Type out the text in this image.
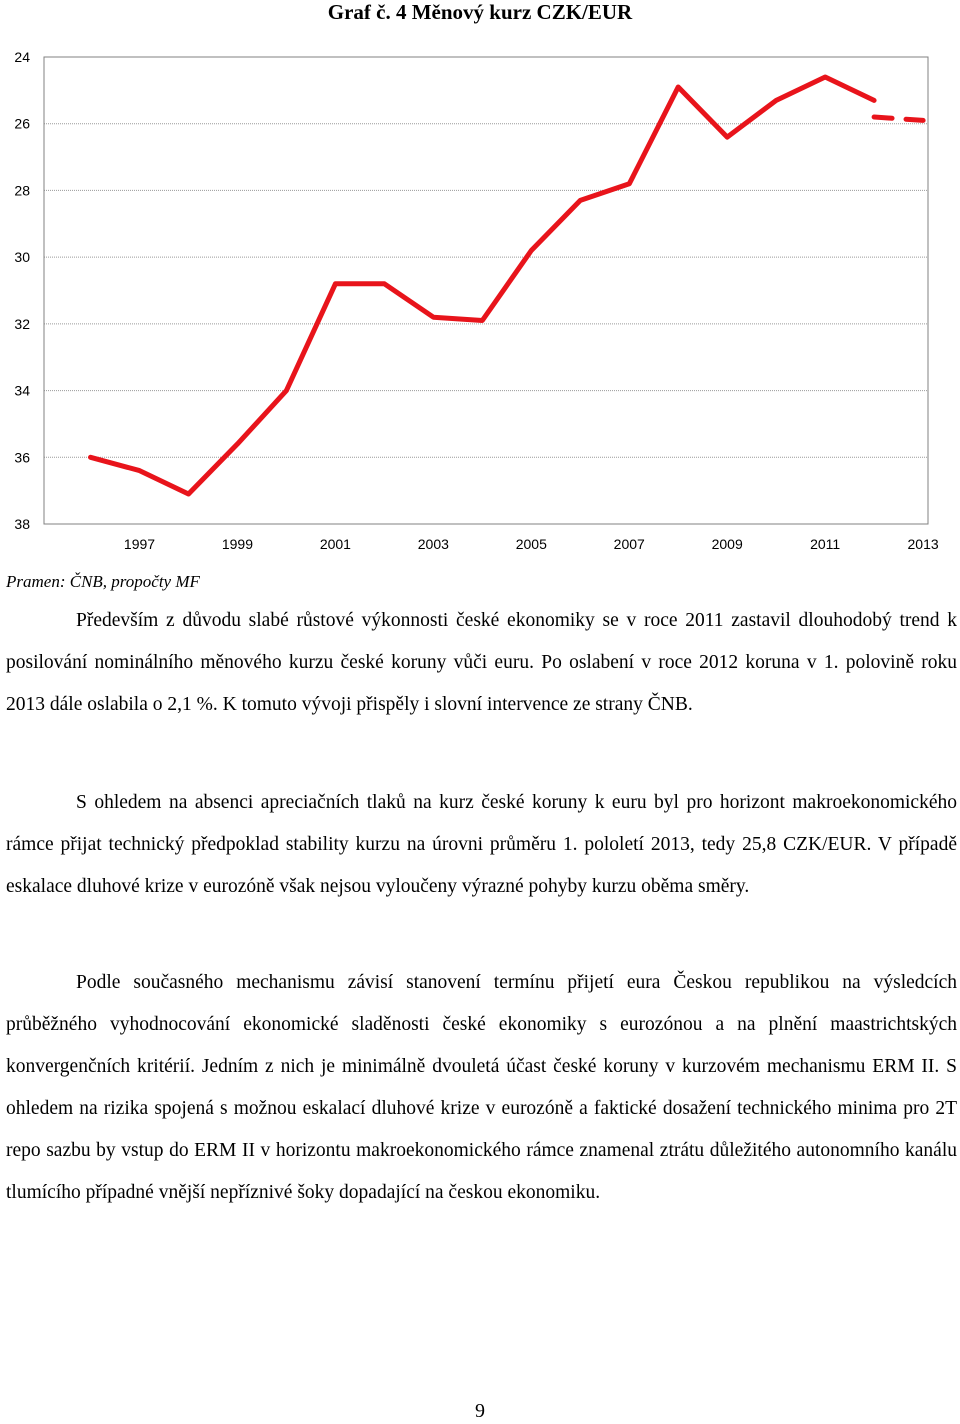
Graf č. 4 Měnový kurz CZK/EUR
24
26
28
30
32
34
36
38
1997	1999	2001	2003	2005	2007	2009	2011	2013
Pramen: ČNB, propočty MF

Především z důvodu slabé růstové výkonnosti české ekonomiky se v roce 2011 zastavil dlouhodobý trend k posilování nominálního měnového kurzu české koruny vůči euru. Po oslabení v roce 2012 koruna v 1. polovině roku 2013 dále oslabila o 2,1 %. K tomuto vývoji přispěly i slovní intervence ze strany ČNB.

S ohledem na absenci apreciačních tlaků na kurz české koruny k euru byl pro horizont makroekonomického rámce přijat technický předpoklad stability kurzu na úrovni průměru 1. pololetí 2013, tedy 25,8 CZK/EUR. V případě eskalace dluhové krize v eurozóně však nejsou vyloučeny výrazné pohyby kurzu oběma směry.

Podle současného mechanismu závisí stanovení termínu přijetí eura Českou republikou na výsledcích průběžného vyhodnocování ekonomické sladěnosti české ekonomiky s eurozónou a na plnění maastrichtských konvergenčních kritérií. Jedním z nich je minimálně dvouletá účast české koruny v kurzovém mechanismu ERM II. S ohledem na rizika spojená s možnou eskalací dluhové krize v eurozóně a faktické dosažení technického minima pro 2T repo sazbu by vstup do ERM II v horizontu makroekonomického rámce znamenal ztrátu důležitého autonomního kanálu tlumícího případné vnější nepříznivé šoky dopadající na českou ekonomiku.

9
